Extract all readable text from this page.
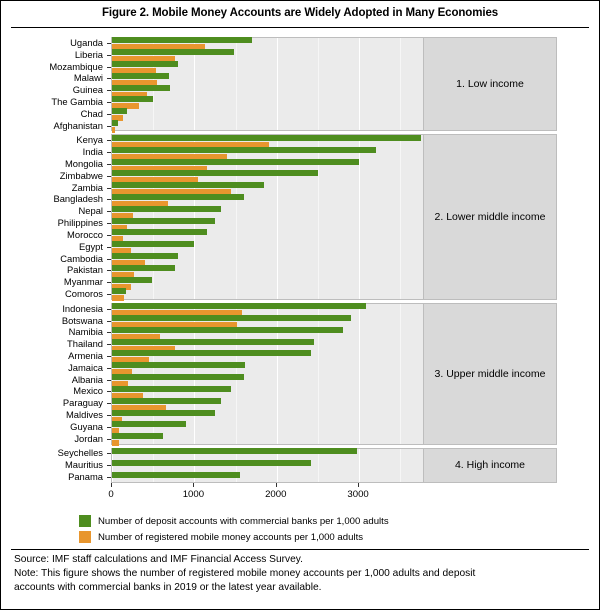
Figure 2. Mobile Money Accounts are Widely Adopted in Many Economies
1. Low income
2. Lower middle income
3. Upper middle income
4. High income
Number of deposit accounts with commercial banks per 1,000 adults
Number of registered mobile money accounts per 1,000 adults
Source: IMF staff calculations and IMF Financial Access Survey.
Note: This figure shows the number of registered mobile money accounts per 1,000 adults and deposit
accounts with commercial banks in 2019 or the latest year available.
Uganda
Liberia
Mozambique
Malawi
Guinea
The Gambia
Chad
Afghanistan
Kenya
India
Mongolia
Zimbabwe
Zambia
Bangladesh
Nepal
Philippines
Morocco
Egypt
Cambodia
Pakistan
Myanmar
Comoros
Indonesia
Botswana
Namibia
Thailand
Armenia
Jamaica
Albania
Mexico
Paraguay
Maldives
Guyana
Jordan
Seychelles
Mauritius
Panama
0	1000	2000	3000
